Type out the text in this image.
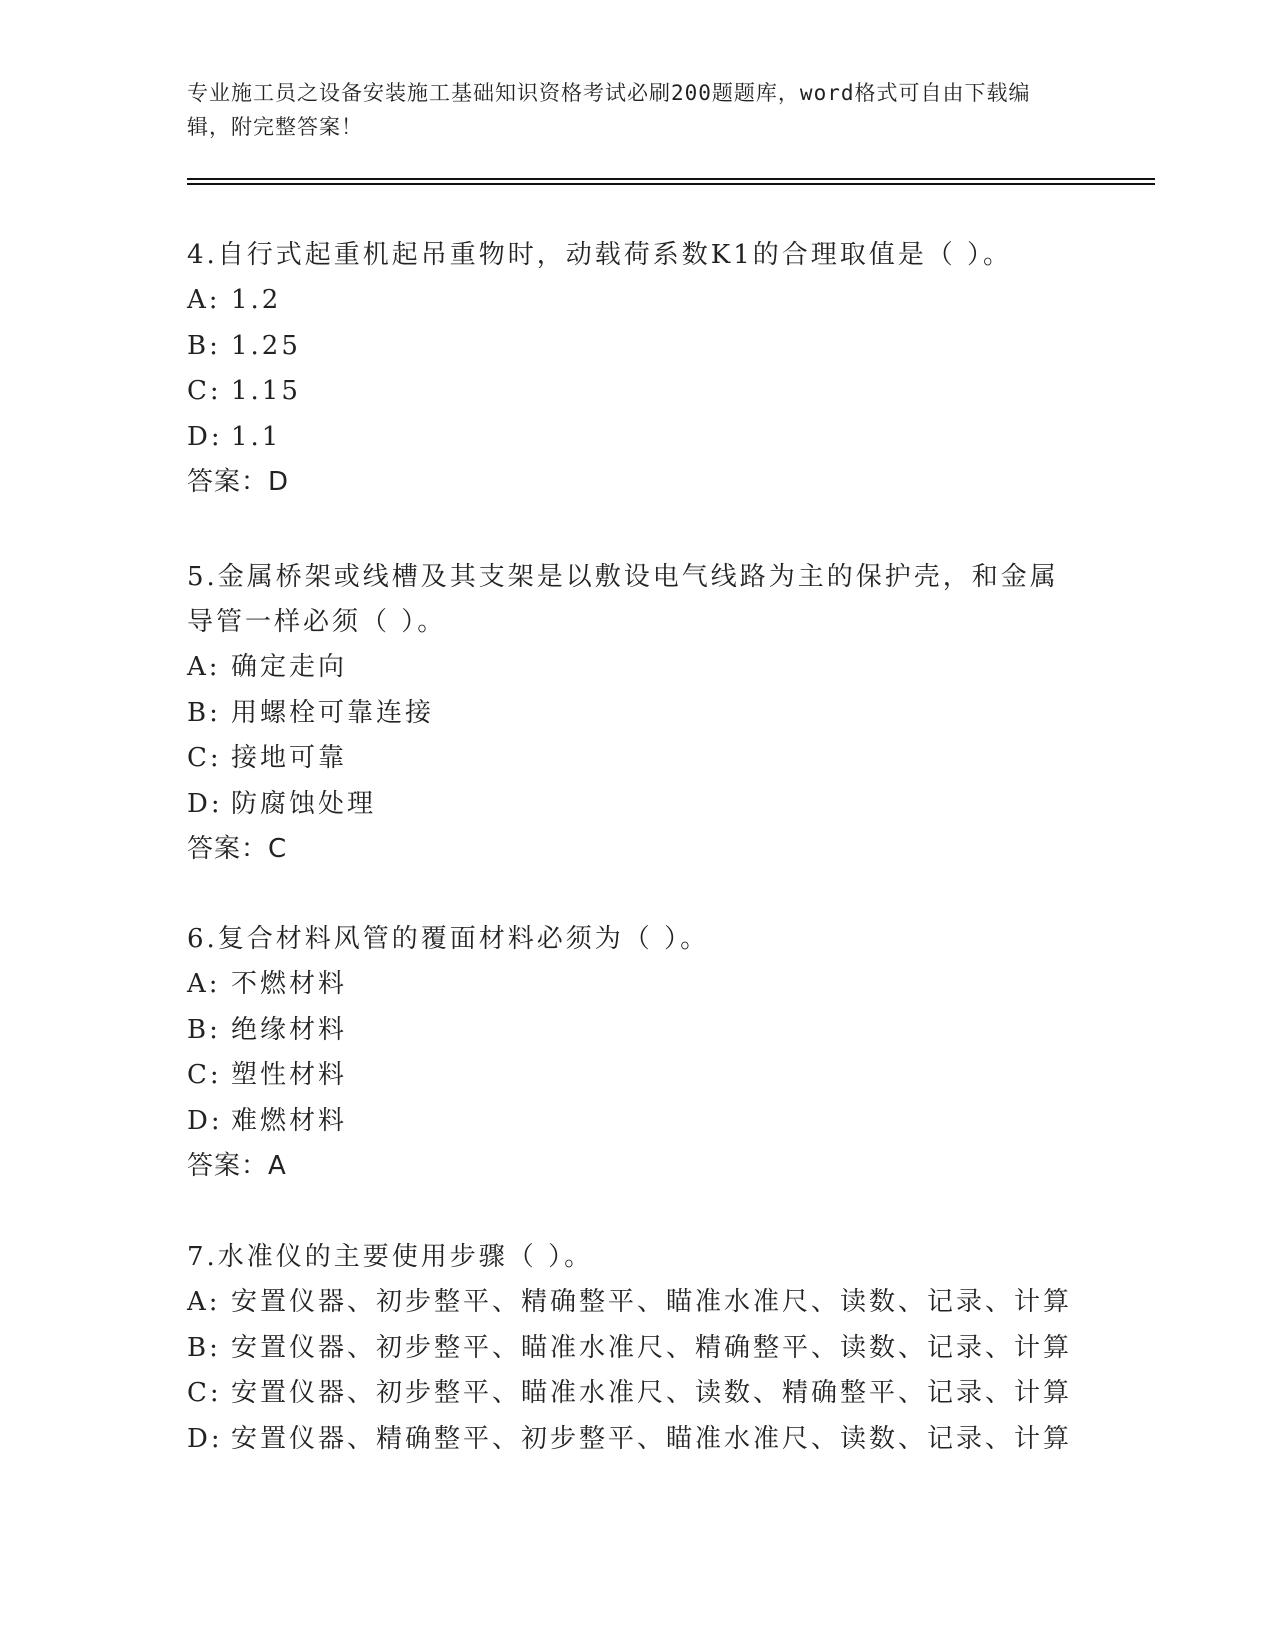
专业施工员之设备安装施工基础知识资格考试必刷200题题库，word格式可自由下载编辑，附完整答案！

4.自行式起重机起吊重物时，动载荷系数K1的合理取值是（ ）。

A: 1.2
B: 1.25
C: 1.15
D: 1.1
答案：D

5.金属桥架或线槽及其支架是以敷设电气线路为主的保护壳，和金属导管一样必须（ ）。

A: 确定走向
B: 用螺栓可靠连接
C: 接地可靠
D: 防腐蚀处理
答案：C

6.复合材料风管的覆面材料必须为（ ）。

A: 不燃材料
B: 绝缘材料
C: 塑性材料
D: 难燃材料
答案：A

7.水准仪的主要使用步骤（ ）。

A: 安置仪器、初步整平、精确整平、瞄准水准尺、读数、记录、计算
B: 安置仪器、初步整平、瞄准水准尺、精确整平、读数、记录、计算
C: 安置仪器、初步整平、瞄准水准尺、读数、精确整平、记录、计算
D: 安置仪器、精确整平、初步整平、瞄准水准尺、读数、记录、计算
